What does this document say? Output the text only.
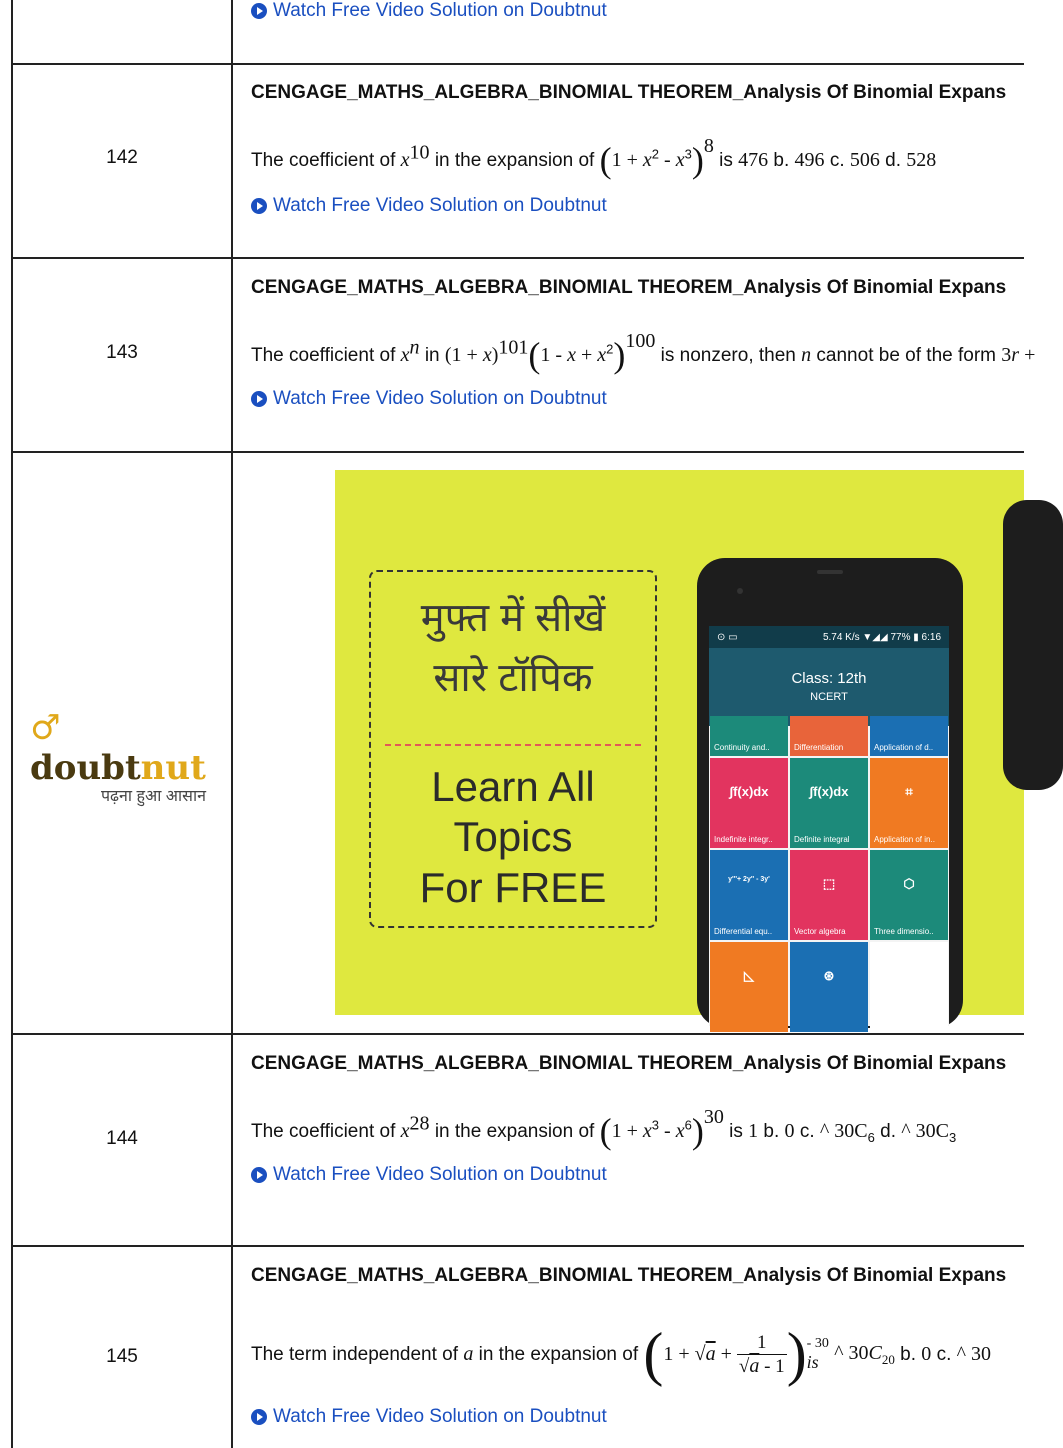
Watch Free Video Solution on Doubtnut
142
CENGAGE_MATHS_ALGEBRA_BINOMIAL THEOREM_Analysis Of Binomial Expans
The coefficient of $x^{10}$ in the expansion of $(1 + x^2 - x^3)^8$ is 476 b. 496 c. 506 d. 528
Watch Free Video Solution on Doubtnut
143
CENGAGE_MATHS_ALGEBRA_BINOMIAL THEOREM_Analysis Of Binomial Expans
The coefficient of $x^n$ in $(1 + x)^{101}(1 - x + x^2)^{100}$ is nonzero, then n cannot be of the form 3r +
Watch Free Video Solution on Doubtnut
♂ doubtnut
पढ़ना हुआ आसान
मुफ्त में सीखें
सारे टॉपिक
Learn All
Topics
For FREE
⊙ ▭	5.74 K/s ▼◢◢ 77% ▮ 6:16
Class: 12th
NCERT
Continuity and..	Differentiation	Application of d..
∫f(x)dx
Indefinite integr..
∫f(x)dx
Definite integral
⌗
Application of in..
y'''+ 2y'' - 3y'
Differential equ..
⬚
Vector algebra
⬡
Three dimensio..
◺	⊛
144
CENGAGE_MATHS_ALGEBRA_BINOMIAL THEOREM_Analysis Of Binomial Expans
The coefficient of $x^{28}$ in the expansion of $(1 + x^3 - x^6)^{30}$ is 1 b. 0 c. ^ $30C_6$ d. ^ $30C_3$
Watch Free Video Solution on Doubtnut
145
CENGAGE_MATHS_ALGEBRA_BINOMIAL THEOREM_Analysis Of Binomial Expans
The term independent of
a
in the expansion of
( 1 + √ $a + \frac{1}{√a - 1}$ ) - 30
is
^ $30C_{20}$
b.
0
c.
^ 30
Watch Free Video Solution on Doubtnut
